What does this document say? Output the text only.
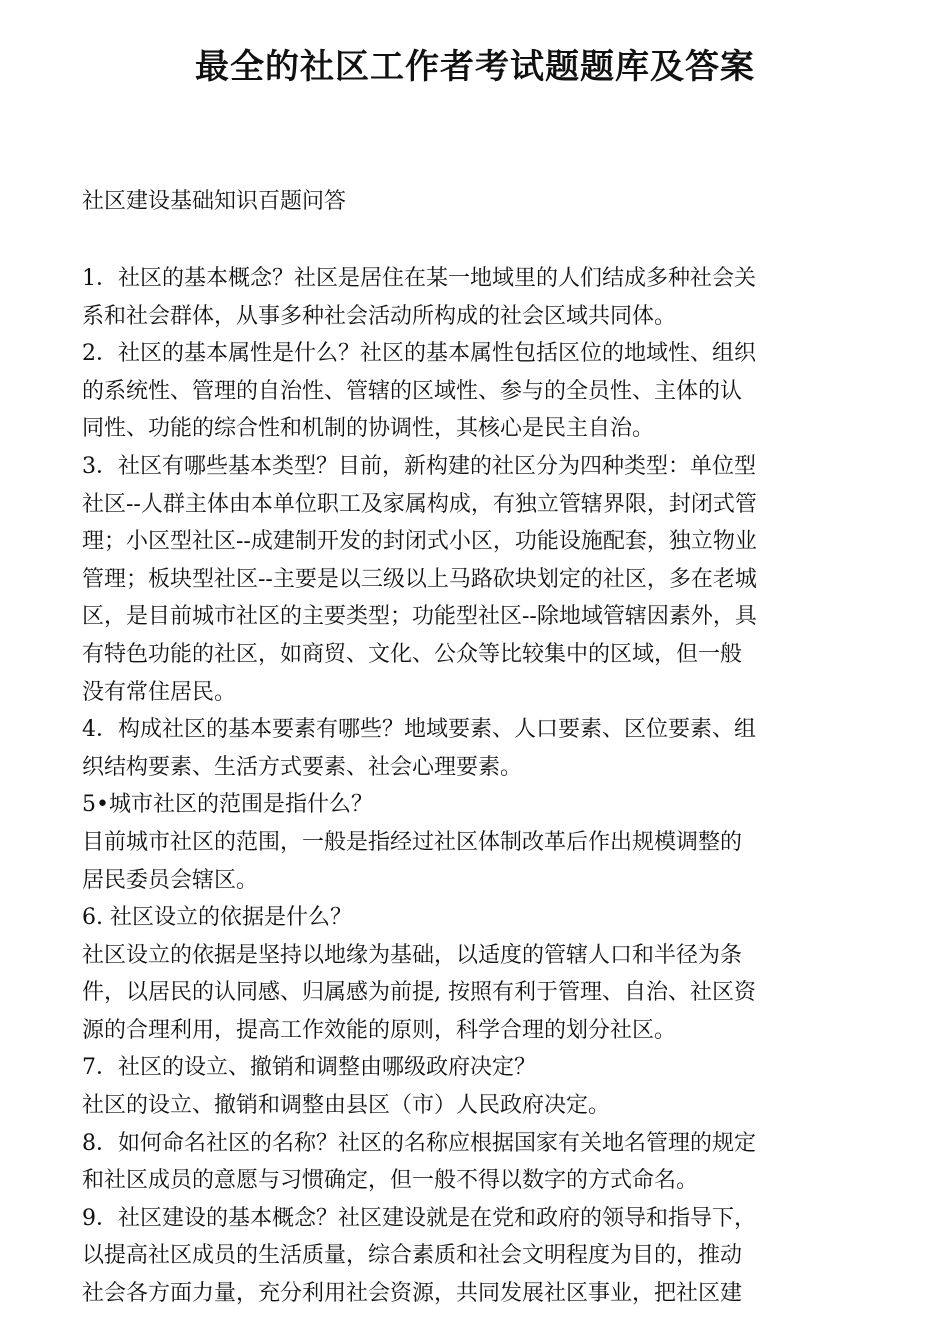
最全的社区工作者考试题题库及答案

社区建设基础知识百题问答

1．社区的基本概念？社区是居住在某一地域里的人们结成多种社会关
系和社会群体，从事多种社会活动所构成的社会区域共同体。
2．社区的基本属性是什么？社区的基本属性包括区位的地域性、组织
的系统性、管理的自治性、管辖的区域性、参与的全员性、主体的认
同性、功能的综合性和机制的协调性，其核心是民主自治。
3．社区有哪些基本类型？目前，新构建的社区分为四种类型：单位型
社区--人群主体由本单位职工及家属构成，有独立管辖界限，封闭式管
理；小区型社区--成建制开发的封闭式小区，功能设施配套，独立物业
管理；板块型社区--主要是以三级以上马路砍块划定的社区，多在老城
区，是目前城市社区的主要类型；功能型社区--除地域管辖因素外，具
有特色功能的社区，如商贸、文化、公众等比较集中的区域，但一般
没有常住居民。
4．构成社区的基本要素有哪些？地域要素、人口要素、区位要素、组
织结构要素、生活方式要素、社会心理要素。
5•城市社区的范围是指什么？
目前城市社区的范围，一般是指经过社区体制改革后作出规模调整的
居民委员会辖区。
6. 社区设立的依据是什么？
社区设立的依据是坚持以地缘为基础，以适度的管辖人口和半径为条
件，以居民的认同感、归属感为前提, 按照有利于管理、自治、社区资
源的合理利用，提高工作效能的原则，科学合理的划分社区。
7．社区的设立、撤销和调整由哪级政府决定？
社区的设立、撤销和调整由县区（市）人民政府决定。
8．如何命名社区的名称？社区的名称应根据国家有关地名管理的规定
和社区成员的意愿与习惯确定，但一般不得以数字的方式命名。
9．社区建设的基本概念？社区建设就是在党和政府的领导和指导下，
以提高社区成员的生活质量，综合素质和社会文明程度为目的，推动
社会各方面力量，充分利用社会资源，共同发展社区事业，把社区建
